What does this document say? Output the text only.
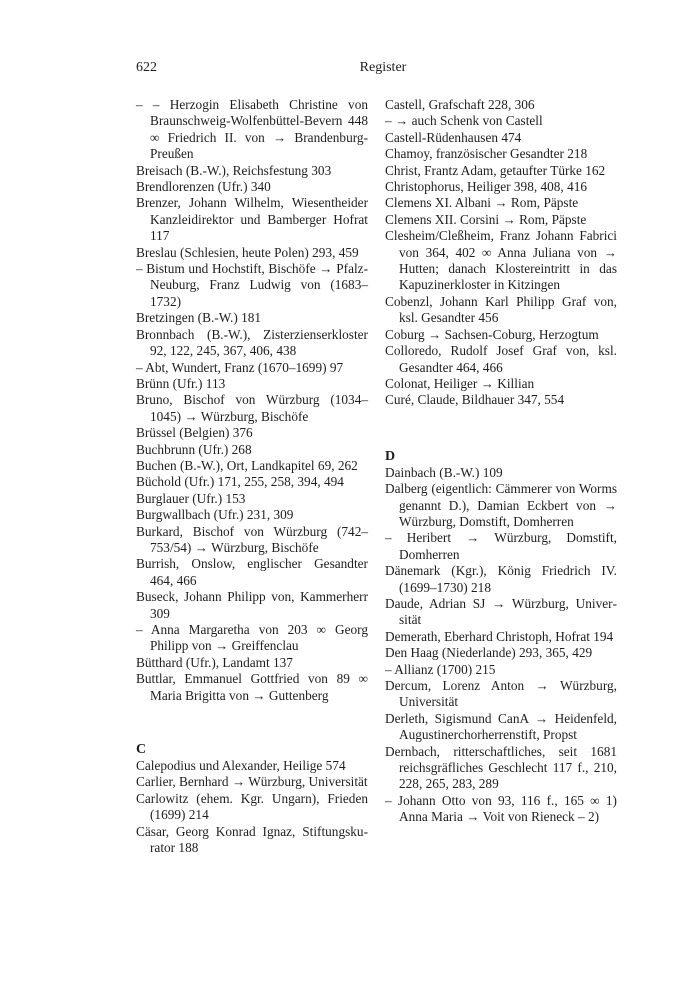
622	Register

– – Herzogin Elisabeth Christine von Braunschweig-Wolfenbüttel-Bevern 448 ∞ Friedrich II. von → Brandenburg-Preußen

Breisach (B.-W.), Reichsfestung 303

Brendlorenzen (Ufr.) 340

Brenzer, Johann Wilhelm, Wiesentheider Kanzleidirektor und Bamberger Hofrat 117

Breslau (Schlesien, heute Polen) 293, 459

– Bistum und Hochstift, Bischöfe → Pfalz-Neuburg, Franz Ludwig von (1683–1732)

Bretzingen (B.-W.) 181

Bronnbach (B.-W.), Zisterzienserkloster 92, 122, 245, 367, 406, 438

– Abt, Wundert, Franz (1670–1699) 97

Brünn (Ufr.) 113

Bruno, Bischof von Würzburg (1034–1045) → Würzburg, Bischöfe

Brüssel (Belgien) 376

Buchbrunn (Ufr.) 268

Buchen (B.-W.), Ort, Landkapitel 69, 262

Büchold (Ufr.) 171, 255, 258, 394, 494

Burglauer (Ufr.) 153

Burgwallbach (Ufr.) 231, 309

Burkard, Bischof von Würzburg (742–753/54) → Würzburg, Bischöfe

Burrish, Onslow, englischer Gesandter 464, 466

Buseck, Johann Philipp von, Kammerherr 309

– Anna Margaretha von 203 ∞ Georg Philipp von → Greiffenclau

Bütthard (Ufr.), Landamt 137

Buttlar, Emmanuel Gottfried von 89 ∞ Maria Brigitta von → Guttenberg

C

Calepodius und Alexander, Heilige 574

Carlier, Bernhard → Würzburg, Universität

Carlowitz (ehem. Kgr. Ungarn), Frieden (1699) 214

Cäsar, Georg Konrad Ignaz, Stiftungskurator 188

Castell, Grafschaft 228, 306

– → auch Schenk von Castell

Castell-Rüdenhausen 474

Chamoy, französischer Gesandter 218

Christ, Frantz Adam, getaufter Türke 162

Christophorus, Heiliger 398, 408, 416

Clemens XI. Albani → Rom, Päpste

Clemens XII. Corsini → Rom, Päpste

Clesheim/Cleßheim, Franz Johann Fabrici von 364, 402 ∞ Anna Juliana von → Hutten; danach Klostereintritt in das Kapuzinerkloster in Kitzingen

Cobenzl, Johann Karl Philipp Graf von, ksl. Gesandter 456

Coburg → Sachsen-Coburg, Herzogtum

Colloredo, Rudolf Josef Graf von, ksl. Gesandter 464, 466

Colonat, Heiliger → Killian

Curé, Claude, Bildhauer 347, 554

D

Dainbach (B.-W.) 109

Dalberg (eigentlich: Cämmerer von Worms genannt D.), Damian Eckbert von → Würzburg, Domstift, Domherren

– Heribert → Würzburg, Domstift, Domherren

Dänemark (Kgr.), König Friedrich IV. (1699–1730) 218

Daude, Adrian SJ → Würzburg, Universität

Demerath, Eberhard Christoph, Hofrat 194

Den Haag (Niederlande) 293, 365, 429

– Allianz (1700) 215

Dercum, Lorenz Anton → Würzburg, Universität

Derleth, Sigismund CanA → Heidenfeld, Augustinerchorherrenstift, Propst

Dernbach, ritterschaftliches, seit 1681 reichsgräfliches Geschlecht 117 f., 210, 228, 265, 283, 289

– Johann Otto von 93, 116 f., 165 ∞ 1) Anna Maria → Voit von Rieneck – 2)
